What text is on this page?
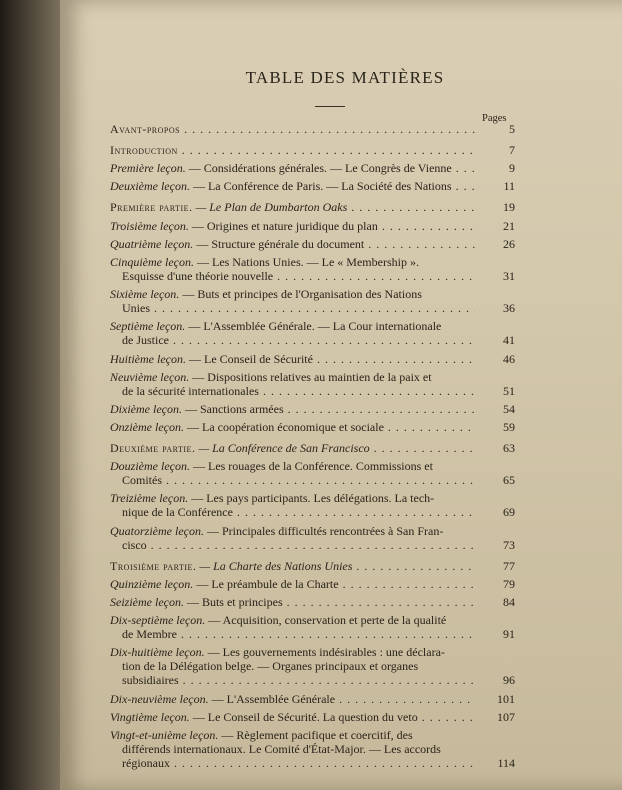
TABLE DES MATIÈRES
Pages
Avant-propos . . .	5
Introduction . . .	7
Première leçon. — Considérations générales. — Le Congrès de Vienne . . .	9
Deuxième leçon. — La Conférence de Paris. — La Société des Nations . . .	11
Première partie. — Le Plan de Dumbarton Oaks . . .	19
Troisième leçon. — Origines et nature juridique du plan . . .	21
Quatrième leçon. — Structure générale du document . . .	26
Cinquième leçon. — Les Nations Unies. — Le « Membership ».
Esquisse d'une théorie nouvelle . . .	31
Sixième leçon. — Buts et principes de l'Organisation des Nations
Unies . . .	36
Septième leçon. — L'Assemblée Générale. — La Cour internationale
de Justice . . .	41
Huitième leçon. — Le Conseil de Sécurité . . .	46
Neuvième leçon. — Dispositions relatives au maintien de la paix et
de la sécurité internationales . . .	51
Dixième leçon. — Sanctions armées . . .	54
Onzième leçon. — La coopération économique et sociale . . .	59
Deuxième partie. — La Conférence de San Francisco . . .	63
Douzième leçon. — Les rouages de la Conférence. Commissions et
Comités . . .	65
Treizième leçon. — Les pays participants. Les délégations. La tech-
nique de la Conférence . . .	69
Quatorzième leçon. — Principales difficultés rencontrées à San Fran-
cisco . . .	73
Troisième partie. — La Charte des Nations Unies . . .	77
Quinzième leçon. — Le préambule de la Charte . . .	79
Seizième leçon. — Buts et principes . . .	84
Dix-septième leçon. — Acquisition, conservation et perte de la qualité
de Membre . . .	91
Dix-huitième leçon. — Les gouvernements indésirables : une déclara-
tion de la Délégation belge. — Organes principaux et organes
subsidiaires . . .	96
Dix-neuvième leçon. — L'Assemblée Générale . . .	101
Vingtième leçon. — Le Conseil de Sécurité. La question du veto . . .	107
Vingt-et-unième leçon. — Règlement pacifique et coercitif, des
différends internationaux. Le Comité d'État-Major. — Les accords
régionaux . . .	114
